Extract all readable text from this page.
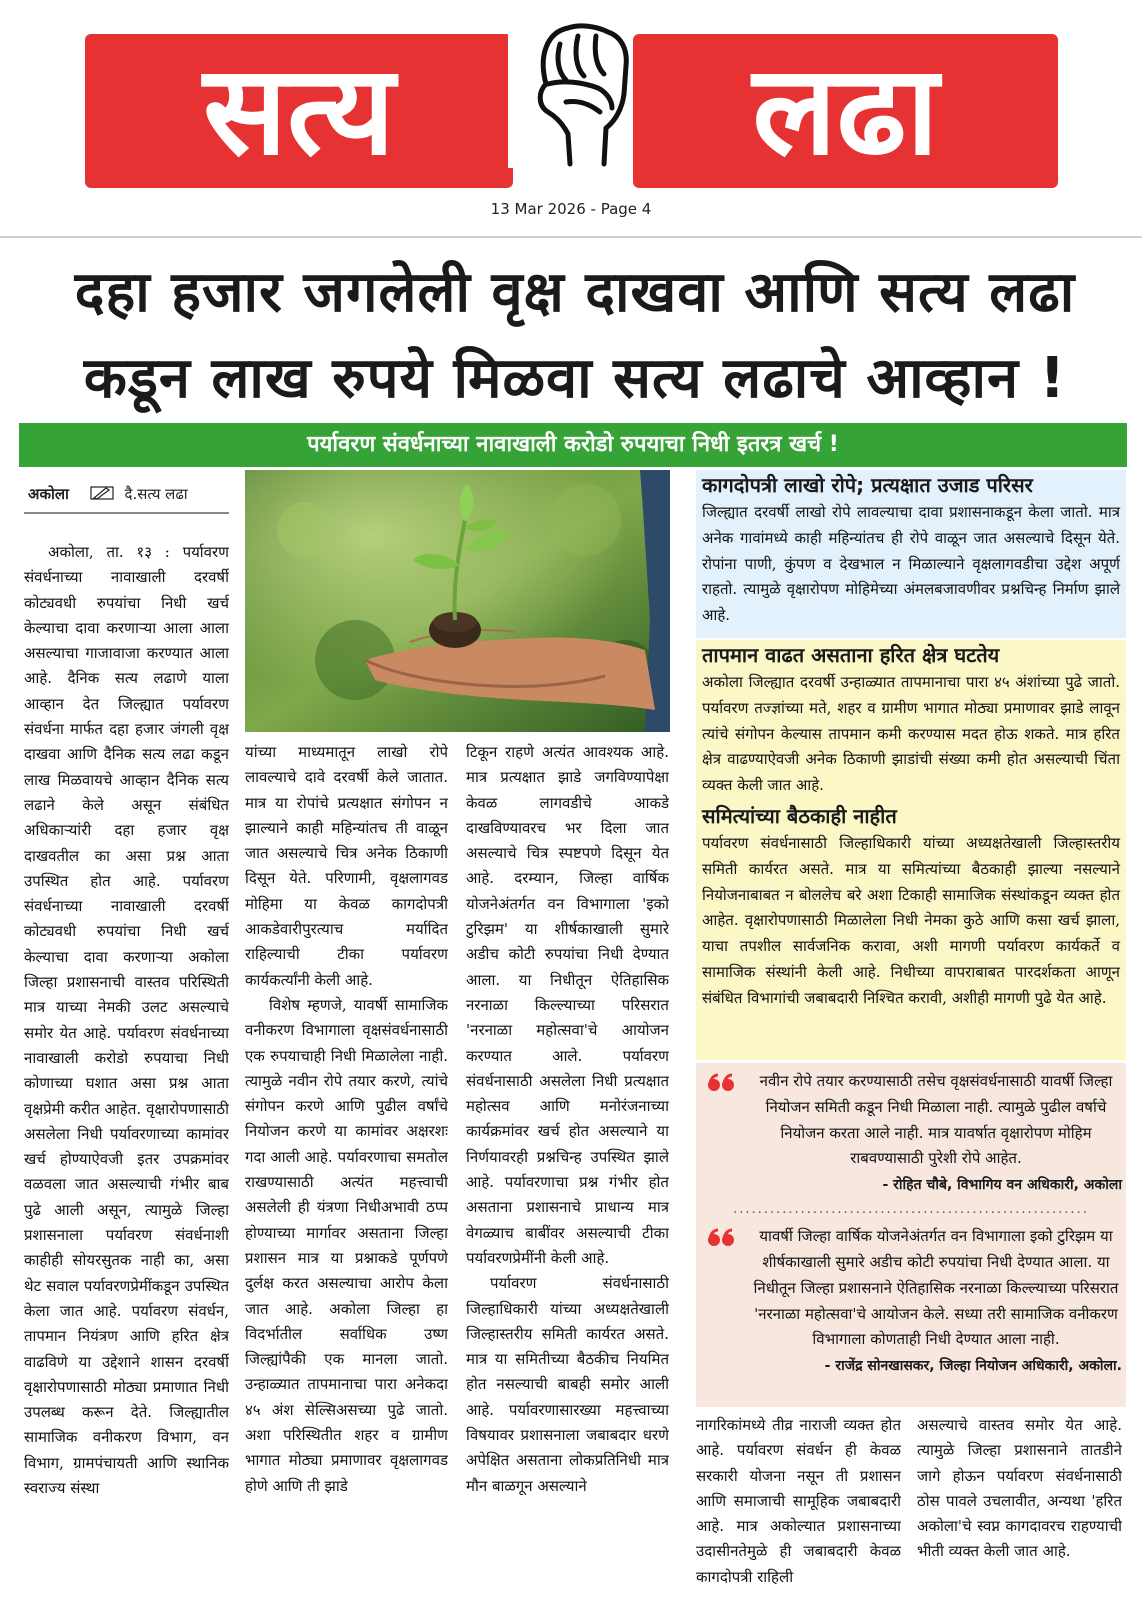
सत्य	लढा
13 Mar 2026 - Page 4
दहा हजार जगलेली वृक्ष दाखवा आणि सत्य लढा
कडून लाख रुपये मिळवा सत्य लढाचे आव्हान !
पर्यावरण संवर्धनाच्या नावाखाली करोडो रुपयाचा निधी इतरत्र खर्च !
अकोला	दै.सत्य लढा

अकोला, ता. १३ : पर्यावरण संवर्धनाच्या नावाखाली दरवर्षी कोट्यवधी रुपयांचा निधी खर्च केल्याचा दावा करणाऱ्या आला आला असल्याचा गाजावाजा करण्यात आला आहे. दैनिक सत्य लढाणे याला आव्हान देत जिल्ह्यात पर्यावरण संवर्धना मार्फत दहा हजार जंगली वृक्ष दाखवा आणि दैनिक सत्य लढा कडून लाख मिळवायचे आव्हान दैनिक सत्य लढाने केले असून संबंधित अधिकाऱ्यांरी दहा हजार वृक्ष दाखवतील का असा प्रश्न आता उपस्थित होत आहे. पर्यावरण संवर्धनाच्या नावाखाली दरवर्षी कोट्यवधी रुपयांचा निधी खर्च केल्याचा दावा करणाऱ्या अकोला जिल्हा प्रशासनाची वास्तव परिस्थिती मात्र याच्या नेमकी उलट असल्याचे समोर येत आहे. पर्यावरण संवर्धनाच्या नावाखाली करोडो रुपयाचा निधी कोणाच्या घशात असा प्रश्न आता वृक्षप्रेमी करीत आहेत. वृक्षारोपणासाठी असलेला निधी पर्यावरणाच्या कामांवर खर्च होण्याऐवजी इतर उपक्रमांवर वळवला जात असल्याची गंभीर बाब पुढे आली असून, त्यामुळे जिल्हा प्रशासनाला पर्यावरण संवर्धनाशी काहीही सोयरसुतक नाही का, असा थेट सवाल पर्यावरणप्रेमींकडून उपस्थित केला जात आहे. पर्यावरण संवर्धन, तापमान नियंत्रण आणि हरित क्षेत्र वाढविणे या उद्देशाने शासन दरवर्षी वृक्षारोपणासाठी मोठ्या प्रमाणात निधी उपलब्ध करून देते. जिल्ह्यातील सामाजिक वनीकरण विभाग, वन विभाग, ग्रामपंचायती आणि स्थानिक स्वराज्य संस्था

यांच्या माध्यमातून लाखो रोपे लावल्याचे दावे दरवर्षी केले जातात. मात्र या रोपांचे प्रत्यक्षात संगोपन न झाल्याने काही महिन्यांतच ती वाळून जात असल्याचे चित्र अनेक ठिकाणी दिसून येते. परिणामी, वृक्षलागवड मोहिमा या केवळ कागदोपत्री आकडेवारीपुरत्याच मर्यादित राहिल्याची टीका पर्यावरण कार्यकर्त्यांनी केली आहे.

विशेष म्हणजे, यावर्षी सामाजिक वनीकरण विभागाला वृक्षसंवर्धनासाठी एक रुपयाचाही निधी मिळालेला नाही. त्यामुळे नवीन रोपे तयार करणे, त्यांचे संगोपन करणे आणि पुढील वर्षांचे नियोजन करणे या कामांवर अक्षरशः गदा आली आहे. पर्यावरणाचा समतोल राखण्यासाठी अत्यंत महत्त्वाची असलेली ही यंत्रणा निधीअभावी ठप्प होण्याच्या मार्गावर असताना जिल्हा प्रशासन मात्र या प्रश्नाकडे पूर्णपणे दुर्लक्ष करत असल्याचा आरोप केला जात आहे. अकोला जिल्हा हा विदर्भातील सर्वाधिक उष्ण जिल्ह्यांपैकी एक मानला जातो. उन्हाळ्यात तापमानाचा पारा अनेकदा ४५ अंश सेल्सिअसच्या पुढे जातो. अशा परिस्थितीत शहर व ग्रामीण भागात मोठ्या प्रमाणावर वृक्षलागवड होणे आणि ती झाडे

टिकून राहणे अत्यंत आवश्यक आहे. मात्र प्रत्यक्षात झाडे जगविण्यापेक्षा केवळ लागवडीचे आकडे दाखविण्यावरच भर दिला जात असल्याचे चित्र स्पष्टपणे दिसून येत आहे. दरम्यान, जिल्हा वार्षिक योजनेअंतर्गत वन विभागाला 'इको टुरिझम' या शीर्षकाखाली सुमारे अडीच कोटी रुपयांचा निधी देण्यात आला. या निधीतून ऐतिहासिक नरनाळा किल्ल्याच्या परिसरात 'नरनाळा महोत्सवा'चे आयोजन करण्यात आले. पर्यावरण संवर्धनासाठी असलेला निधी प्रत्यक्षात महोत्सव आणि मनोरंजनाच्या कार्यक्रमांवर खर्च होत असल्याने या निर्णयावरही प्रश्नचिन्ह उपस्थित झाले आहे. पर्यावरणाचा प्रश्न गंभीर होत असताना प्रशासनाचे प्राधान्य मात्र वेगळ्याच बाबींवर असल्याची टीका पर्यावरणप्रेमींनी केली आहे.

पर्यावरण संवर्धनासाठी जिल्हाधिकारी यांच्या अध्यक्षतेखाली जिल्हास्तरीय समिती कार्यरत असते. मात्र या समितीच्या बैठकीच नियमित होत नसल्याची बाबही समोर आली आहे. पर्यावरणासारख्या महत्त्वाच्या विषयावर प्रशासनाला जबाबदार धरणे अपेक्षित असताना लोकप्रतिनिधी मात्र मौन बाळगून असल्याने

कागदोपत्री लाखो रोपे; प्रत्यक्षात उजाड परिसर

जिल्ह्यात दरवर्षी लाखो रोपे लावल्याचा दावा प्रशासनाकडून केला जातो. मात्र अनेक गावांमध्ये काही महिन्यांतच ही रोपे वाळून जात असल्याचे दिसून येते. रोपांना पाणी, कुंपण व देखभाल न मिळाल्याने वृक्षलागवडीचा उद्देश अपूर्ण राहतो. त्यामुळे वृक्षारोपण मोहिमेच्या अंमलबजावणीवर प्रश्नचिन्ह निर्माण झाले आहे.

तापमान वाढत असताना हरित क्षेत्र घटतेय

अकोला जिल्ह्यात दरवर्षी उन्हाळ्यात तापमानाचा पारा ४५ अंशांच्या पुढे जातो. पर्यावरण तज्ज्ञांच्या मते, शहर व ग्रामीण भागात मोठ्या प्रमाणावर झाडे लावून त्यांचे संगोपन केल्यास तापमान कमी करण्यास मदत होऊ शकते. मात्र हरित क्षेत्र वाढण्याऐवजी अनेक ठिकाणी झाडांची संख्या कमी होत असल्याची चिंता व्यक्त केली जात आहे.

समित्यांच्या बैठकाही नाहीत

पर्यावरण संवर्धनासाठी जिल्हाधिकारी यांच्या अध्यक्षतेखाली जिल्हास्तरीय समिती कार्यरत असते. मात्र या समित्यांच्या बैठकाही झाल्या नसल्याने नियोजनाबाबत न बोललेच बरे अशा टिकाही सामाजिक संस्थांकडून व्यक्त होत आहेत. वृक्षारोपणासाठी मिळालेला निधी नेमका कुठे आणि कसा खर्च झाला, याचा तपशील सार्वजनिक करावा, अशी मागणी पर्यावरण कार्यकर्ते व सामाजिक संस्थांनी केली आहे. निधीच्या वापराबाबत पारदर्शकता आणून संबंधित विभागांची जबाबदारी निश्चित करावी, अशीही मागणी पुढे येत आहे.

नवीन रोपे तयार करण्यासाठी तसेच वृक्षसंवर्धनासाठी यावर्षी जिल्हा नियोजन समिती कडून निधी मिळाला नाही. त्यामुळे पुढील वर्षाचे नियोजन करता आले नाही. मात्र यावर्षात वृक्षारोपण मोहिम राबवण्यासाठी पुरेशी रोपे आहेत.

- रोहित चौबे, विभागिय वन अधिकारी, अकोला
..........................................................

यावर्षी जिल्हा वार्षिक योजनेअंतर्गत वन विभागाला इको टुरिझम या शीर्षकाखाली सुमारे अडीच कोटी रुपयांचा निधी देण्यात आला. या निधीतून जिल्हा प्रशासनाने ऐतिहासिक नरनाळा किल्ल्याच्या परिसरात 'नरनाळा महोत्सवा'चे आयोजन केले. सध्या तरी सामाजिक वनीकरण विभागाला कोणताही निधी देण्यात आला नाही.

- राजेंद्र सोनखासकर, जिल्हा नियोजन अधिकारी, अकोला.

नागरिकांमध्ये तीव्र नाराजी व्यक्त होत आहे. पर्यावरण संवर्धन ही केवळ सरकारी योजना नसून ती प्रशासन आणि समाजाची सामूहिक जबाबदारी आहे. मात्र अकोल्यात प्रशासनाच्या उदासीनतेमुळे ही जबाबदारी केवळ कागदोपत्री राहिली

असल्याचे वास्तव समोर येत आहे. त्यामुळे जिल्हा प्रशासनाने तातडीने जागे होऊन पर्यावरण संवर्धनासाठी ठोस पावले उचलावीत, अन्यथा 'हरित अकोला'चे स्वप्न कागदावरच राहण्याची भीती व्यक्त केली जात आहे.
